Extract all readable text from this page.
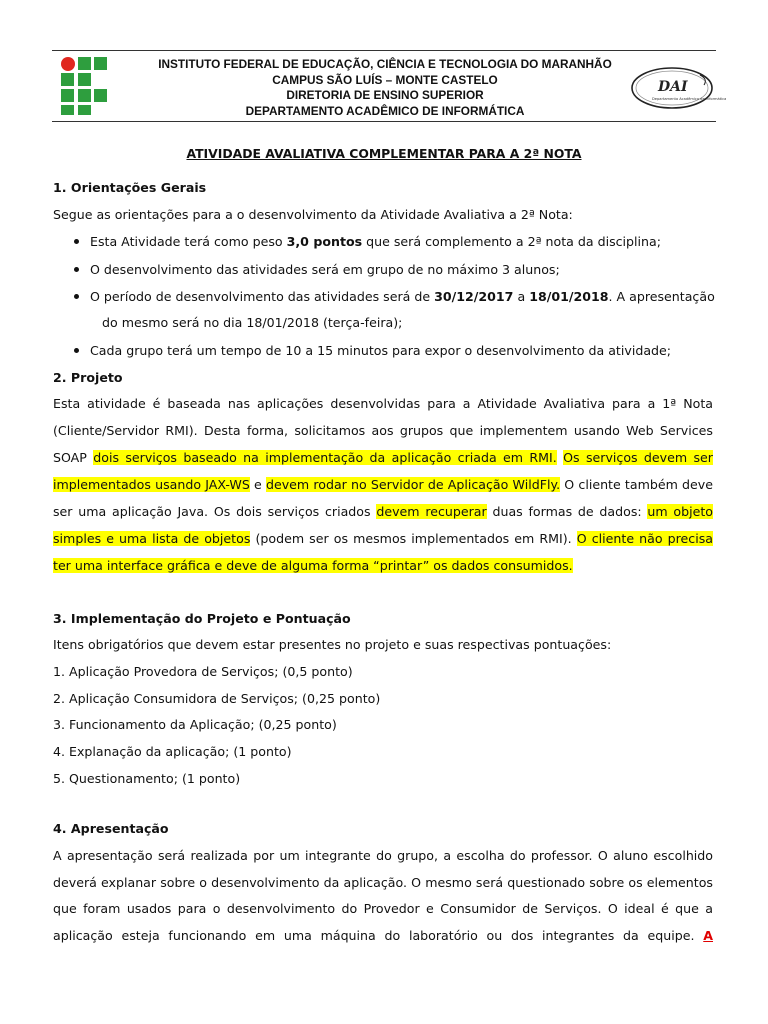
INSTITUTO FEDERAL DE EDUCAÇÃO, CIÊNCIA E TECNOLOGIA DO MARANHÃO
CAMPUS SÃO LUÍS – MONTE CASTELO
DIRETORIA DE ENSINO SUPERIOR
DEPARTAMENTO ACADÊMICO DE INFORMÁTICA
DAI
Departamento Acadêmico de Informática
ATIVIDADE AVALIATIVA COMPLEMENTAR PARA A 2ª NOTA
1. Orientações Gerais
Segue as orientações para a o desenvolvimento da Atividade Avaliativa a 2ª Nota:
Esta Atividade terá como peso 3,0 pontos que será complemento a 2ª nota da disciplina;
O desenvolvimento das atividades será em grupo de no máximo 3 alunos;
O período de desenvolvimento das atividades será de 30/12/2017 a 18/01/2018. A apresentação
do mesmo será no dia 18/01/2018 (terça-feira);
Cada grupo terá um tempo de 10 a 15 minutos para expor o desenvolvimento da atividade;
2. Projeto
Esta atividade é baseada nas aplicações desenvolvidas para a Atividade Avaliativa para a 1ª Nota
(Cliente/Servidor RMI). Desta forma, solicitamos aos grupos que implementem usando Web Services
SOAP dois serviços baseado na implementação da aplicação criada em RMI. Os serviços devem ser
implementados usando JAX-WS e devem rodar no Servidor de Aplicação WildFly. O cliente também deve
ser uma aplicação Java. Os dois serviços criados devem recuperar duas formas de dados: um objeto
simples e uma lista de objetos (podem ser os mesmos implementados em RMI). O cliente não precisa
ter uma interface gráfica e deve de alguma forma “printar” os dados consumidos.
3. Implementação do Projeto e Pontuação
Itens obrigatórios que devem estar presentes no projeto e suas respectivas pontuações:
1. Aplicação Provedora de Serviços; (0,5 ponto)
2. Aplicação Consumidora de Serviços; (0,25 ponto)
3. Funcionamento da Aplicação; (0,25 ponto)
4. Explanação da aplicação; (1 ponto)
5. Questionamento; (1 ponto)
4. Apresentação
A apresentação será realizada por um integrante do grupo, a escolha do professor. O aluno escolhido
deverá explanar sobre o desenvolvimento da aplicação. O mesmo será questionado sobre os elementos
que foram usados para o desenvolvimento do Provedor e Consumidor de Serviços. O ideal é que a
aplicação esteja funcionando em uma máquina do laboratório ou dos integrantes da equipe. A
